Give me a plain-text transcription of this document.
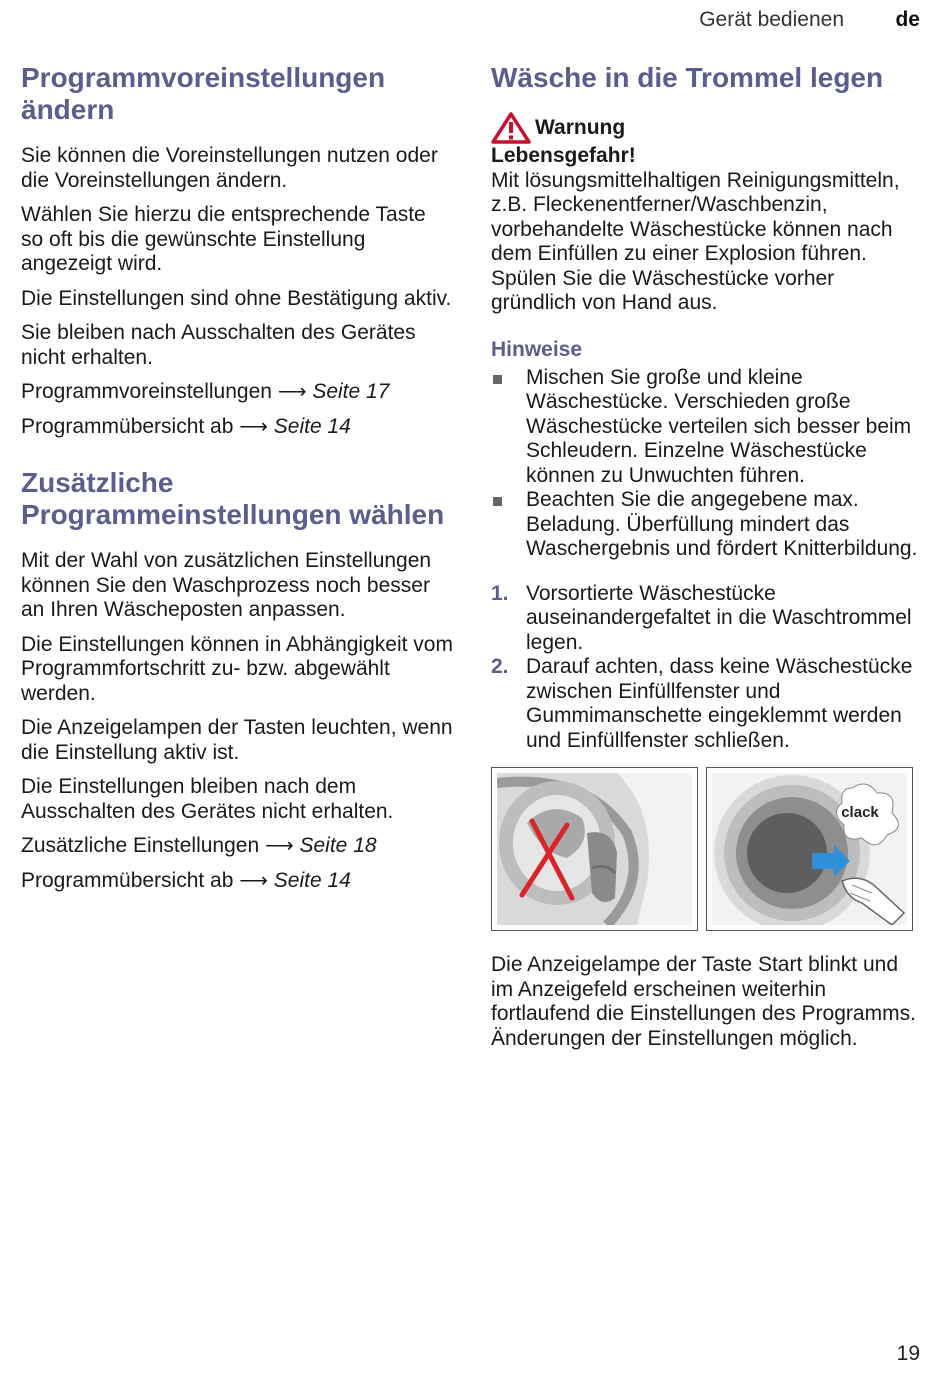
Gerät bedienen de
Programmvoreinstellungen ändern

Sie können die Voreinstellungen nutzen oder die Voreinstellungen ändern.

Wählen Sie hierzu die entsprechende Taste so oft bis die gewünschte Einstellung angezeigt wird.

Die Einstellungen sind ohne Bestätigung aktiv.

Sie bleiben nach Ausschalten des Gerätes nicht erhalten.

Programmvoreinstellungen ⟶ Seite 17
Programmübersicht ab ⟶ Seite 14
Zusätzliche Programmeinstellungen wählen

Mit der Wahl von zusätzlichen Einstellungen können Sie den Waschprozess noch besser an Ihren Wäscheposten anpassen.

Die Einstellungen können in Abhängigkeit vom Programmfortschritt zu- bzw. abgewählt werden.

Die Anzeigelampen der Tasten leuchten, wenn die Einstellung aktiv ist.

Die Einstellungen bleiben nach dem Ausschalten des Gerätes nicht erhalten.

Zusätzliche Einstellungen ⟶ Seite 18
Programmübersicht ab ⟶ Seite 14
Wäsche in die Trommel legen
Warnung

Lebensgefahr!

Mit lösungsmittelhaltigen Reinigungsmitteln, z.B. Fleckenentferner/Waschbenzin, vorbehandelte Wäschestücke können nach dem Einfüllen zu einer Explosion führen.

Spülen Sie die Wäschestücke vorher gründlich von Hand aus.

Hinweise
Mischen Sie große und kleine Wäschestücke. Verschieden große Wäschestücke verteilen sich besser beim Schleudern. Einzelne Wäschestücke können zu Unwuchten führen.
Beachten Sie die angegebene max. Beladung. Überfüllung mindert das Waschergebnis und fördert Knitterbildung.
1. Vorsortierte Wäschestücke auseinandergefaltet in die Waschtrommel legen.
2. Darauf achten, dass keine Wäschestücke zwischen Einfüllfenster und Gummimanschette eingeklemmt werden und Einfüllfenster schließen.
clack

Die Anzeigelampe der Taste Start blinkt und im Anzeigefeld erscheinen weiterhin fortlaufend die Einstellungen des Programms. Änderungen der Einstellungen möglich.

19
